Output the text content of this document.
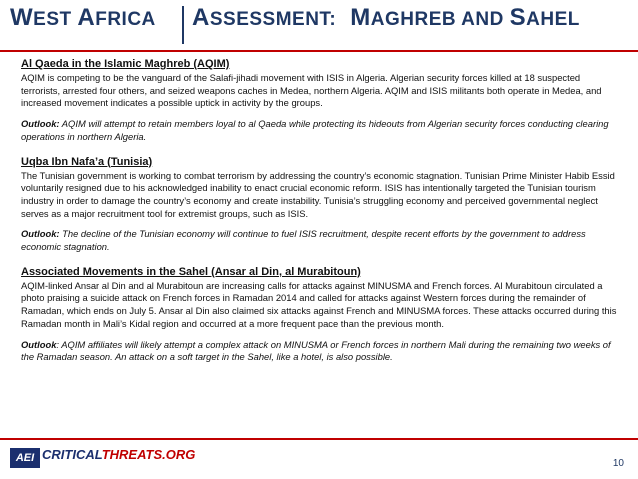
WEST AFRICA ASSESSMENT: MAGHREB AND SAHEL
Al Qaeda in the Islamic Maghreb (AQIM)

AQIM is competing to be the vanguard of the Salafi-jihadi movement with ISIS in Algeria. Algerian security forces killed at 18 suspected terrorists, arrested four others, and seized weapons caches in Medea, northern Algeria. AQIM and ISIS militants both operate in Medea, and increased movement indicates a possible uptick in activity by the groups.

Outlook: AQIM will attempt to retain members loyal to al Qaeda while protecting its hideouts from Algerian security forces conducting clearing operations in northern Algeria.

Uqba Ibn Nafa’a (Tunisia)

The Tunisian government is working to combat terrorism by addressing the country’s economic stagnation. Tunisian Prime Minister Habib Essid voluntarily resigned due to his acknowledged inability to enact crucial economic reform. ISIS has intentionally targeted the Tunisian tourism industry in order to damage the country’s economy and create instability. Tunisia’s struggling economy and perceived governmental neglect serves as a major recruitment tool for extremist groups, such as ISIS.

Outlook: The decline of the Tunisian economy will continue to fuel ISIS recruitment, despite recent efforts by the government to address economic stagnation.

Associated Movements in the Sahel (Ansar al Din, al Murabitoun)

AQIM-linked Ansar al Din and al Murabitoun are increasing calls for attacks against MINUSMA and French forces. Al Murabitoun circulated a photo praising a suicide attack on French forces in Ramadan 2014 and called for attacks against Western forces during the remainder of Ramadan, which ends on July 5. Ansar al Din also claimed six attacks against French and MINUSMA forces. These attacks occurred during this Ramadan month in Mali’s Kidal region and occurred at a more frequent pace than the previous month.

Outlook: AQIM affiliates will likely attempt a complex attack on MINUSMA or French forces in northern Mali during the remaining two weeks of the Ramadan season. An attack on a soft target in the Sahel, like a hotel, is also possible.

AEI CRITICALTHREATS.ORG
10
